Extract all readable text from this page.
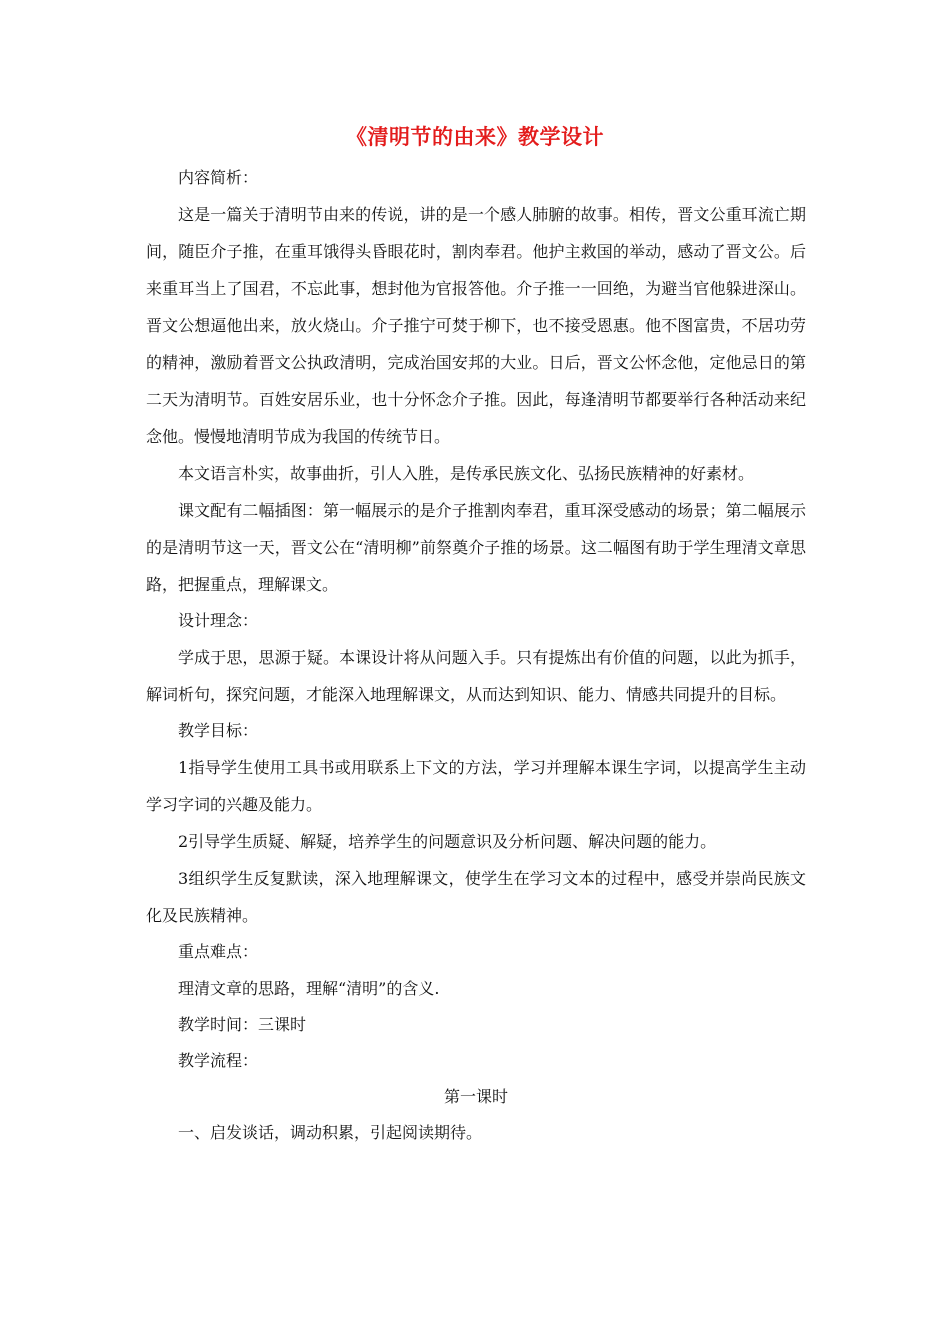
《清明节的由来》教学设计

内容简析：

这是一篇关于清明节由来的传说，讲的是一个感人肺腑的故事。相传，晋文公重耳流亡期间，随臣介子推，在重耳饿得头昏眼花时，割肉奉君。他护主救国的举动，感动了晋文公。后来重耳当上了国君，不忘此事，想封他为官报答他。介子推一一回绝，为避当官他躲进深山。晋文公想逼他出来，放火烧山。介子推宁可焚于柳下，也不接受恩惠。他不图富贵，不居功劳的精神，激励着晋文公执政清明，完成治国安邦的大业。日后，晋文公怀念他，定他忌日的第二天为清明节。百姓安居乐业，也十分怀念介子推。因此，每逢清明节都要举行各种活动来纪念他。慢慢地清明节成为我国的传统节日。

本文语言朴实，故事曲折，引人入胜，是传承民族文化、弘扬民族精神的好素材。

课文配有二幅插图：第一幅展示的是介子推割肉奉君，重耳深受感动的场景；第二幅展示的是清明节这一天，晋文公在“清明柳”前祭奠介子推的场景。这二幅图有助于学生理清文章思路，把握重点，理解课文。

设计理念：

学成于思，思源于疑。本课设计将从问题入手。只有提炼出有价值的问题，以此为抓手，解词析句，探究问题，才能深入地理解课文，从而达到知识、能力、情感共同提升的目标。

教学目标：

1指导学生使用工具书或用联系上下文的方法，学习并理解本课生字词，以提高学生主动学习字词的兴趣及能力。

2引导学生质疑、解疑，培养学生的问题意识及分析问题、解决问题的能力。

3组织学生反复默读，深入地理解课文，使学生在学习文本的过程中，感受并崇尚民族文化及民族精神。

重点难点：

理清文章的思路，理解“清明”的含义.

教学时间：三课时

教学流程：

第一课时

一、启发谈话，调动积累，引起阅读期待。
